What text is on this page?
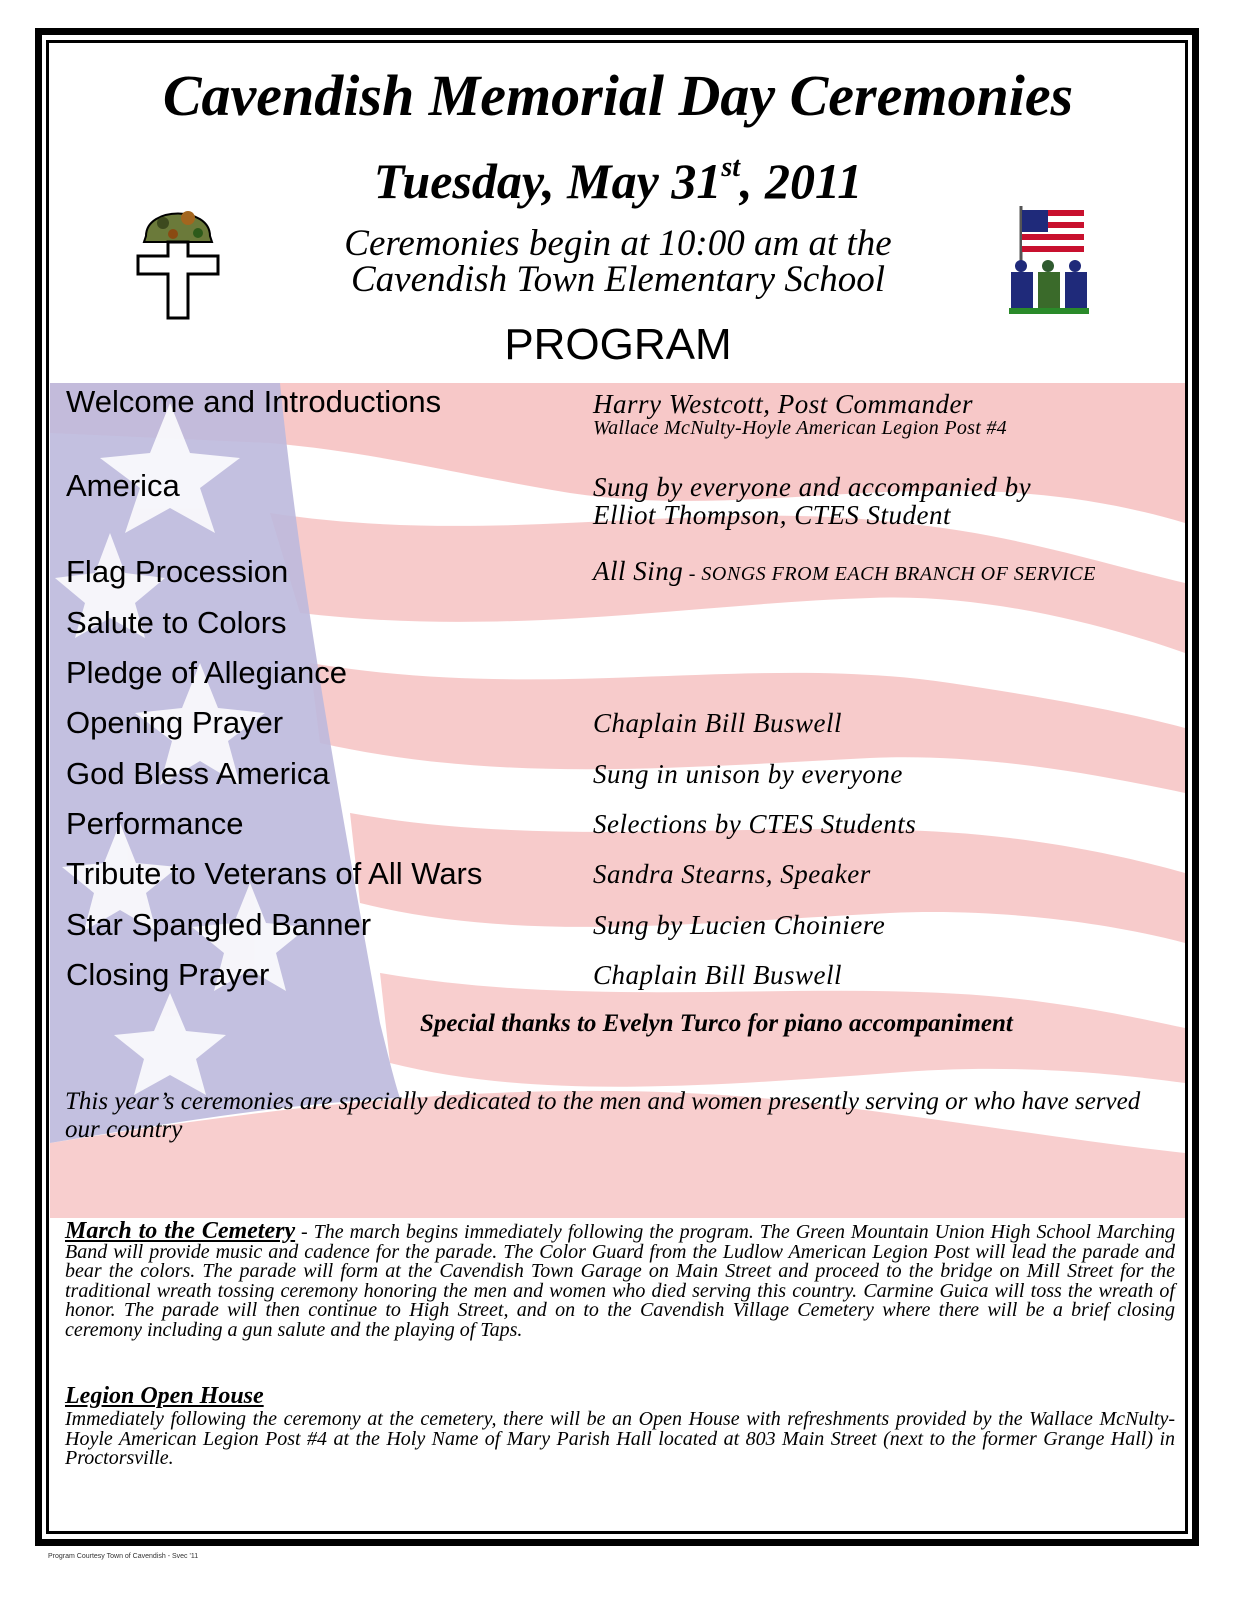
Cavendish Memorial Day Ceremonies
Tuesday, May 31st, 2011
Ceremonies begin at 10:00 am at the
Cavendish Town Elementary School
PROGRAM
Welcome and Introductions	Harry Westcott, Post Commander
Wallace McNulty-Hoyle American Legion Post #4
America	Sung by everyone and accompanied by
Elliot Thompson, CTES Student
Flag Procession	All Sing - SONGS FROM EACH BRANCH OF SERVICE
Salute to Colors
Pledge of Allegiance
Opening Prayer	Chaplain Bill Buswell
God Bless America	Sung in unison by everyone
Performance	Selections by CTES Students
Tribute to Veterans of All Wars	Sandra Stearns, Speaker
Star Spangled Banner	Sung by Lucien Choiniere
Closing Prayer	Chaplain Bill Buswell
Special thanks to Evelyn Turco for piano accompaniment
This year’s ceremonies are specially dedicated to the men and women presently serving or who have served our country
March to the Cemetery - The march begins immediately following the program. The Green Mountain Union High School Marching Band will provide music and cadence for the parade. The Color Guard from the Ludlow American Legion Post will lead the parade and bear the colors. The parade will form at the Cavendish Town Garage on Main Street and proceed to the bridge on Mill Street for the traditional wreath tossing ceremony honoring the men and women who died serving this country. Carmine Guica will toss the wreath of honor. The parade will then continue to High Street, and on to the Cavendish Village Cemetery where there will be a brief closing ceremony including a gun salute and the playing of Taps.
Legion Open House
Immediately following the ceremony at the cemetery, there will be an Open House with refreshments provided by the Wallace McNulty-Hoyle American Legion Post #4 at the Holy Name of Mary Parish Hall located at 803 Main Street (next to the former Grange Hall) in Proctorsville.
Program Courtesy Town of Cavendish - Svec '11
